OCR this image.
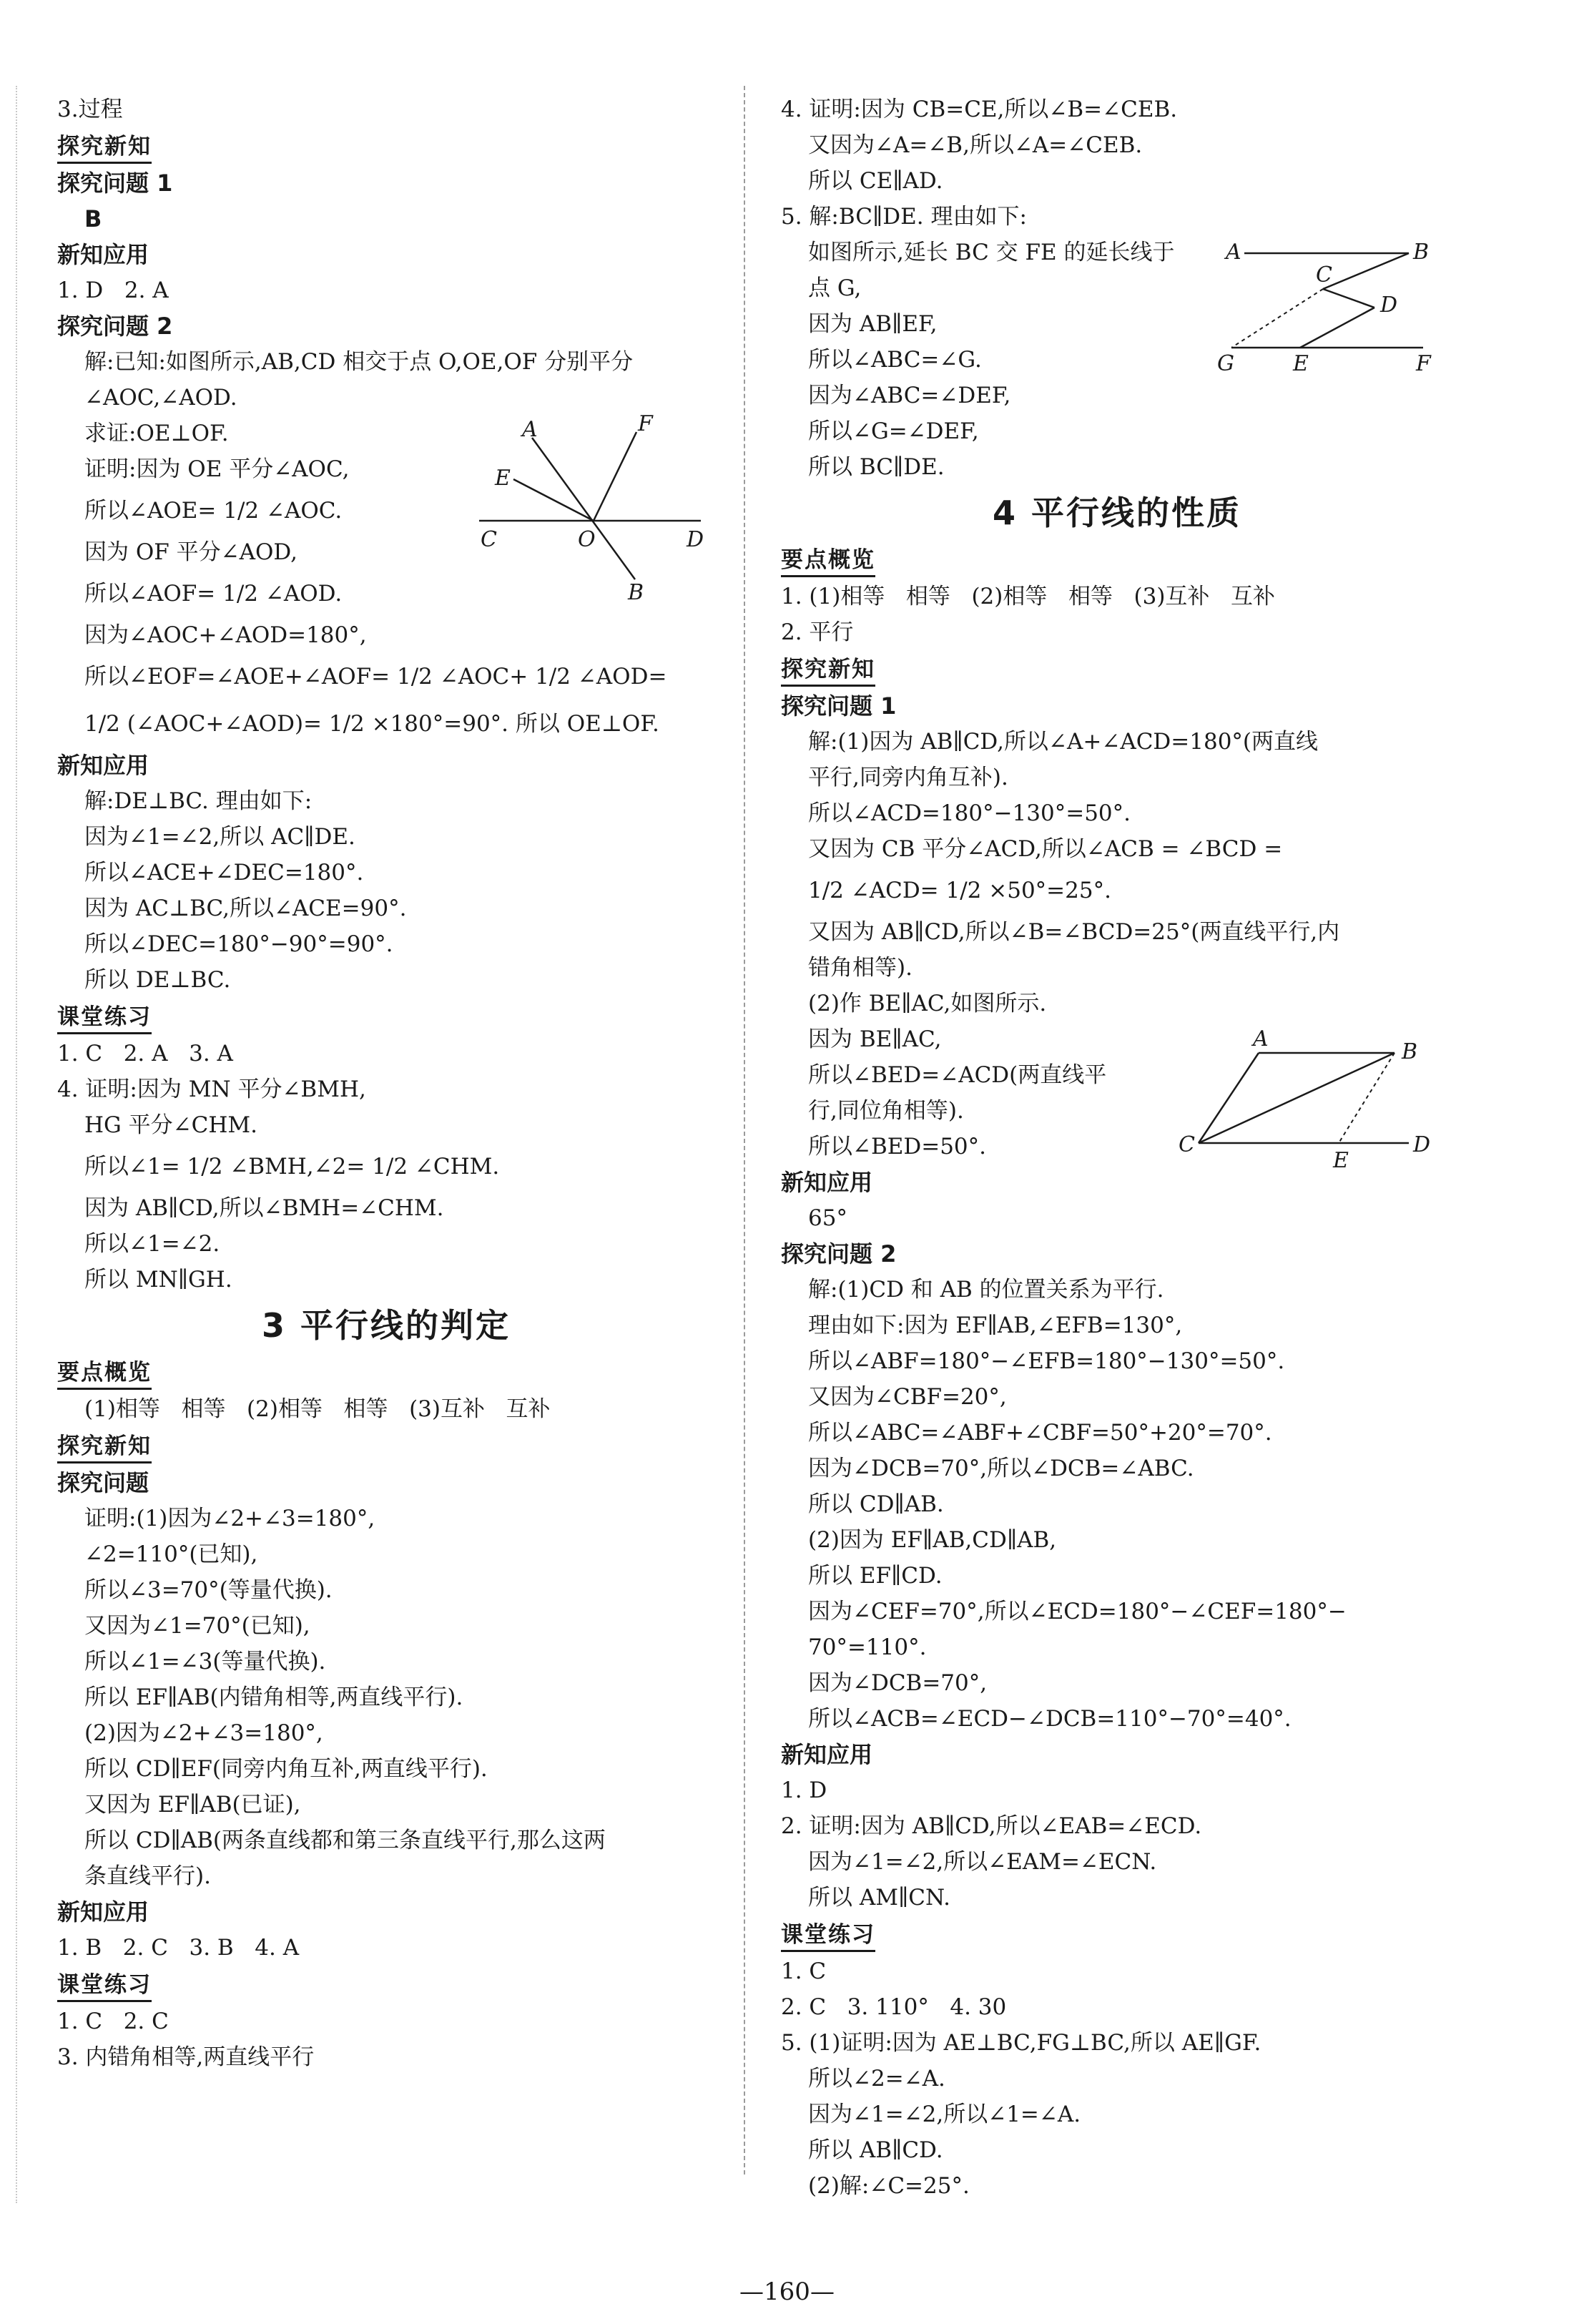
3.过程
探究新知
探究问题 1
B
新知应用
1. D   2. A
探究问题 2
解:已知:如图所示,AB,CD 相交于点 O,OE,OF 分别平分
∠AOC,∠AOD.
求证:OE⊥OF.
证明:因为 OE 平分∠AOC,
所以∠AOE= 1/2 ∠AOC.
因为 OF 平分∠AOD,
所以∠AOF= 1/2 ∠AOD.
因为∠AOC+∠AOD=180°,
所以∠EOF=∠AOE+∠AOF= 1/2 ∠AOC+ 1/2 ∠AOD=
1/2 (∠AOC+∠AOD)= 1/2 ×180°=90°. 所以 OE⊥OF.
新知应用
解:DE⊥BC. 理由如下:
因为∠1=∠2,所以 AC∥DE.
所以∠ACE+∠DEC=180°.
因为 AC⊥BC,所以∠ACE=90°.
所以∠DEC=180°−90°=90°.
所以 DE⊥BC.
课堂练习
1. C   2. A   3. A
4. 证明:因为 MN 平分∠BMH,
HG 平分∠CHM.
所以∠1= 1/2 ∠BMH,∠2= 1/2 ∠CHM.
因为 AB∥CD,所以∠BMH=∠CHM.
所以∠1=∠2.
所以 MN∥GH.
3 平行线的判定
要点概览
(1)相等   相等   (2)相等   相等   (3)互补   互补
探究新知
探究问题
证明:(1)因为∠2+∠3=180°,
∠2=110°(已知),
所以∠3=70°(等量代换).
又因为∠1=70°(已知),
所以∠1=∠3(等量代换).
所以 EF∥AB(内错角相等,两直线平行).
(2)因为∠2+∠3=180°,
所以 CD∥EF(同旁内角互补,两直线平行).
又因为 EF∥AB(已证),
所以 CD∥AB(两条直线都和第三条直线平行,那么这两
条直线平行).
新知应用
1. B   2. C   3. B   4. A
课堂练习
1. C   2. C
3. 内错角相等,两直线平行
4. 证明:因为 CB=CE,所以∠B=∠CEB.
又因为∠A=∠B,所以∠A=∠CEB.
所以 CE∥AD.
5. 解:BC∥DE. 理由如下:
如图所示,延长 BC 交 FE 的延长线于
点 G,
因为 AB∥EF,
所以∠ABC=∠G.
因为∠ABC=∠DEF,
所以∠G=∠DEF,
所以 BC∥DE.
4 平行线的性质
要点概览
1. (1)相等   相等   (2)相等   相等   (3)互补   互补
2. 平行
探究新知
探究问题 1
解:(1)因为 AB∥CD,所以∠A+∠ACD=180°(两直线
平行,同旁内角互补).
所以∠ACD=180°−130°=50°.
又因为 CB 平分∠ACD,所以∠ACB = ∠BCD =
1/2 ∠ACD= 1/2 ×50°=25°.
又因为 AB∥CD,所以∠B=∠BCD=25°(两直线平行,内
错角相等).
(2)作 BE∥AC,如图所示.
因为 BE∥AC,
所以∠BED=∠ACD(两直线平
行,同位角相等).
所以∠BED=50°.
新知应用
65°
探究问题 2
解:(1)CD 和 AB 的位置关系为平行.
理由如下:因为 EF∥AB,∠EFB=130°,
所以∠ABF=180°−∠EFB=180°−130°=50°.
又因为∠CBF=20°,
所以∠ABC=∠ABF+∠CBF=50°+20°=70°.
因为∠DCB=70°,所以∠DCB=∠ABC.
所以 CD∥AB.
(2)因为 EF∥AB,CD∥AB,
所以 EF∥CD.
因为∠CEF=70°,所以∠ECD=180°−∠CEF=180°−
70°=110°.
因为∠DCB=70°,
所以∠ACB=∠ECD−∠DCB=110°−70°=40°.
新知应用
1. D
2. 证明:因为 AB∥CD,所以∠EAB=∠ECD.
因为∠1=∠2,所以∠EAM=∠ECN.
所以 AM∥CN.
课堂练习
1. C
2. C   3. 110°   4. 30
5. (1)证明:因为 AE⊥BC,FG⊥BC,所以 AE∥GF.
所以∠2=∠A.
因为∠1=∠2,所以∠1=∠A.
所以 AB∥CD.
(2)解:∠C=25°.
A	F
E
C	O	D
B
A	B
C
D
G	E	F
A
B
C	D
E
—160—
